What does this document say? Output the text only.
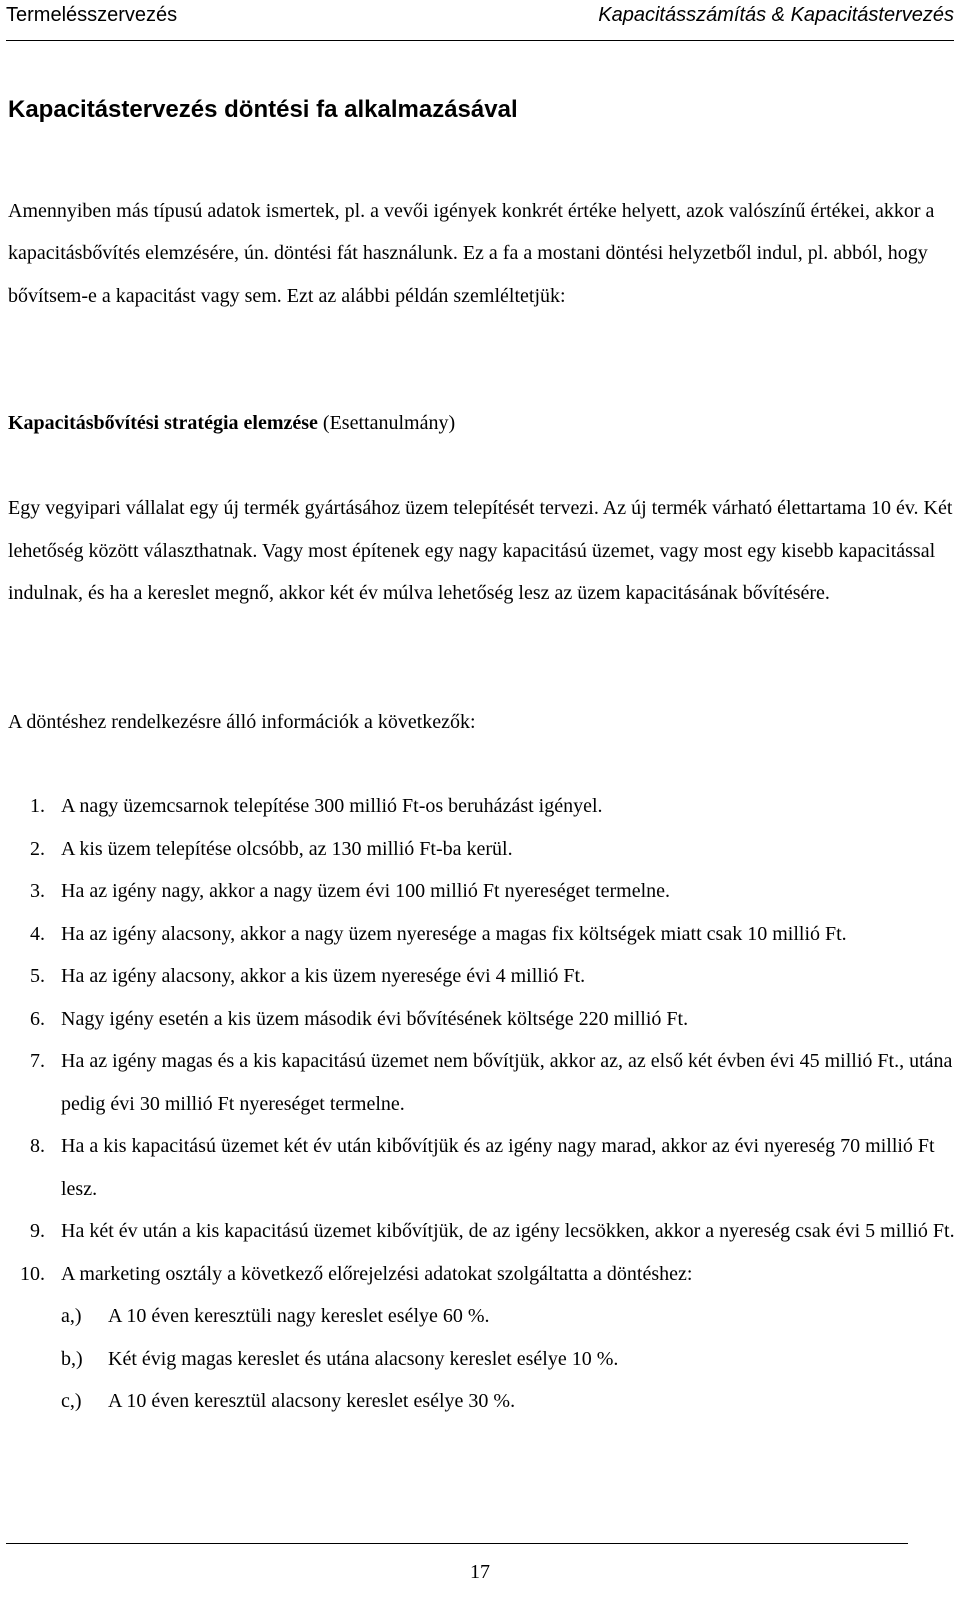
Termelésszervezés	Kapacitásszámítás & Kapacitástervezés
Kapacitástervezés döntési fa alkalmazásával

Amennyiben más típusú adatok ismertek, pl. a vevői igények konkrét értéke helyett, azok valószínű értékei, akkor a kapacitásbővítés elemzésére, ún. döntési fát használunk. Ez a fa a mostani döntési helyzetből indul, pl. abból, hogy bővítsem-e a kapacitást vagy sem. Ezt az alábbi példán szemléltetjük:

Kapacitásbővítési stratégia elemzése (Esettanulmány)

Egy vegyipari vállalat egy új termék gyártásához üzem telepítését tervezi. Az új termék várható élettartama 10 év. Két lehetőség között választhatnak. Vagy most építenek egy nagy kapacitású üzemet, vagy most egy kisebb kapacitással indulnak, és ha a kereslet megnő, akkor két év múlva lehetőség lesz az üzem kapacitásának bővítésére.

A döntéshez rendelkezésre álló információk a következők:

1. A nagy üzemcsarnok telepítése 300 millió Ft-os beruházást igényel.
2. A kis üzem telepítése olcsóbb, az 130 millió Ft-ba kerül.
3. Ha az igény nagy, akkor a nagy üzem évi 100 millió Ft nyereséget termelne.
4. Ha az igény alacsony, akkor a nagy üzem nyeresége a magas fix költségek miatt csak 10 millió Ft.
5. Ha az igény alacsony, akkor a kis üzem nyeresége évi 4 millió Ft.
6. Nagy igény esetén a kis üzem második évi bővítésének költsége 220 millió Ft.
7. Ha az igény magas és a kis kapacitású üzemet nem bővítjük, akkor az, az első két évben évi 45 millió Ft., utána pedig évi 30 millió Ft nyereséget termelne.
8. Ha a kis kapacitású üzemet két év után kibővítjük és az igény nagy marad, akkor az évi nyereség 70 millió Ft lesz.
9. Ha két év után a kis kapacitású üzemet kibővítjük, de az igény lecsökken, akkor a nyereség csak évi 5 millió Ft.
10. A marketing osztály a következő előrejelzési adatokat szolgáltatta a döntéshez:
a,) A 10 éven keresztüli nagy kereslet esélye 60 %.
b,) Két évig magas kereslet és utána alacsony kereslet esélye 10 %.
c,) A 10 éven keresztül alacsony kereslet esélye 30 %.
17
